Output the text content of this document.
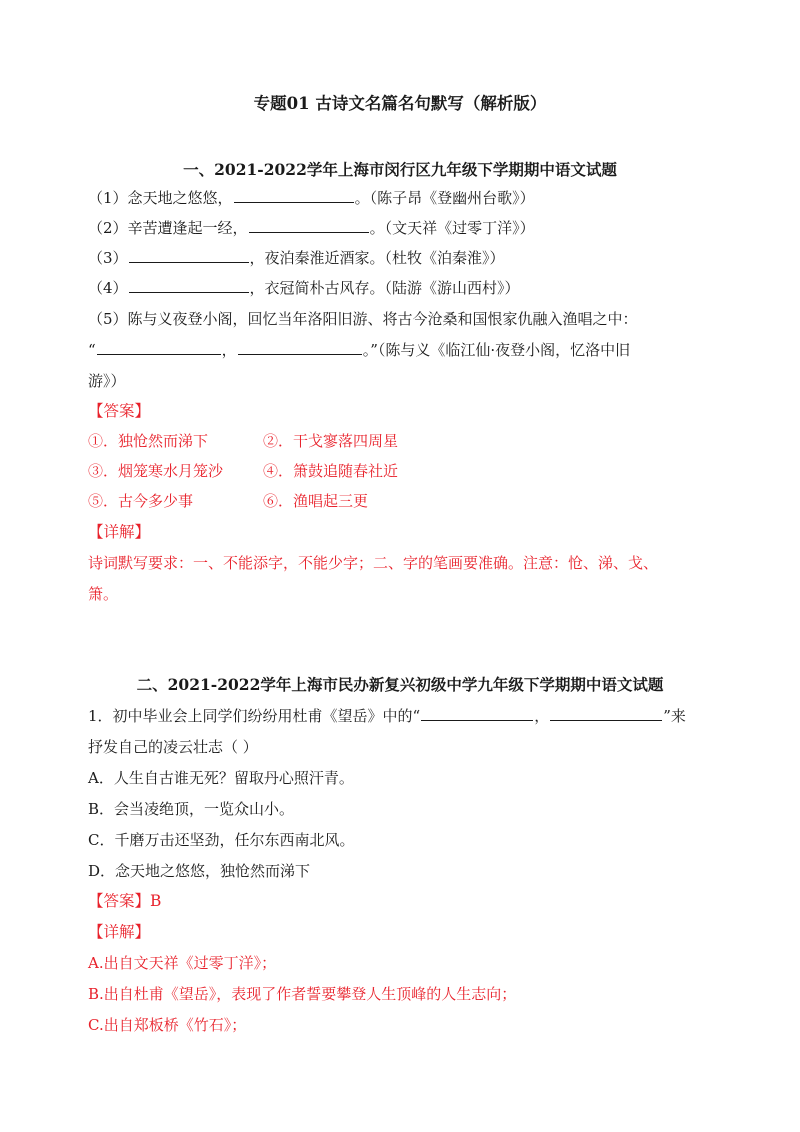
专题01 古诗文名篇名句默写（解析版）
一、2021-2022学年上海市闵行区九年级下学期期中语文试题
（1）念天地之悠悠，	。（陈子昂《登幽州台歌》）
（2）辛苦遭逢起一经，	。（文天祥《过零丁洋》）
（3）	，夜泊秦淮近酒家。（杜牧《泊秦淮》）
（4）	，衣冠简朴古风存。（陆游《游山西村》）
（5）陈与义夜登小阁，回忆当年洛阳旧游、将古今沧桑和国恨家仇融入渔唱之中：
“	，	。”（陈与义《临江仙·夜登小阁，忆洛中旧
游》）
【答案】
①．独怆然而涕下	②．干戈寥落四周星
③．烟笼寒水月笼沙	④．箫鼓追随春社近
⑤．古今多少事	⑥．渔唱起三更
【详解】
诗词默写要求：一、不能添字，不能少字；二、字的笔画要准确。注意：怆、涕、戈、
箫。
二、2021-2022学年上海市民办新复兴初级中学九年级下学期期中语文试题
1．初中毕业会上同学们纷纷用杜甫《望岳》中的“	，	”来
抒发自己的凌云壮志（ ）
A．人生自古谁无死？留取丹心照汗青。
B．会当凌绝顶，一览众山小。
C．千磨万击还坚劲，任尔东西南北风。
D．念天地之悠悠，独怆然而涕下
【答案】B
【详解】
A.出自文天祥《过零丁洋》；
B.出自杜甫《望岳》，表现了作者誓要攀登人生顶峰的人生志向；
C.出自郑板桥《竹石》；
